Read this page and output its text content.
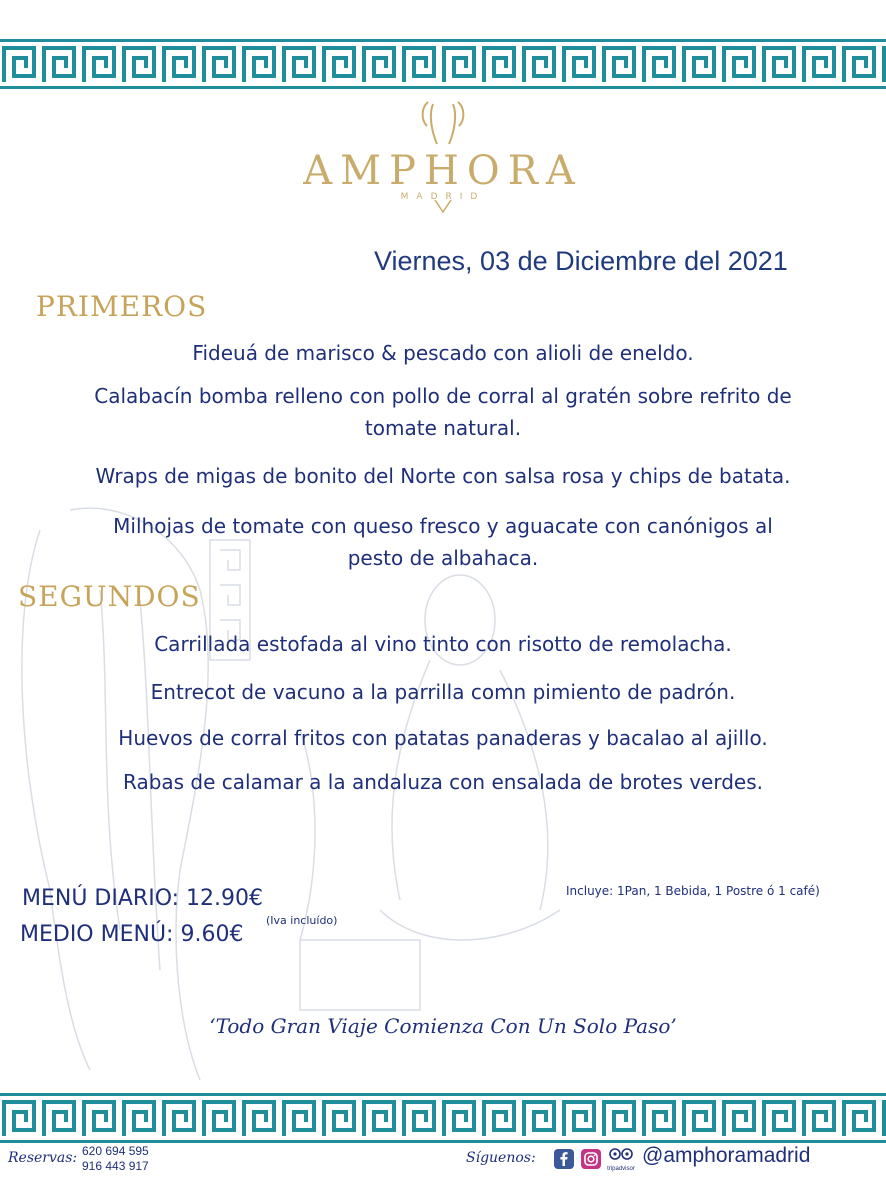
AMPHORA
MADRID
Viernes, 03 de Diciembre del 2021
PRIMEROS
Fideuá de marisco & pescado con alioli de eneldo.
Calabacín bomba relleno con pollo de corral al gratén sobre refrito de tomate natural.
Wraps de migas de bonito del Norte con salsa rosa y chips de batata.
Milhojas de tomate con queso fresco y aguacate con canónigos al pesto de albahaca.
SEGUNDOS
Carrillada estofada al vino tinto con risotto de remolacha.
Entrecot de vacuno a la parrilla comn pimiento de padrón.
Huevos de corral fritos con patatas panaderas y bacalao al ajillo.
Rabas de calamar a la andaluza con ensalada de brotes verdes.
MENÚ DIARIO: 12.90€
MEDIO MENÚ: 9.60€
(Iva incluído)
Incluye: 1Pan, 1 Bebida, 1 Postre ó 1 café)
‘Todo Gran Viaje Comienza Con Un Solo Paso’
Reservas: 620 694 595
916 443 917	Síguenos:
tripadvisor
@amphoramadrid
